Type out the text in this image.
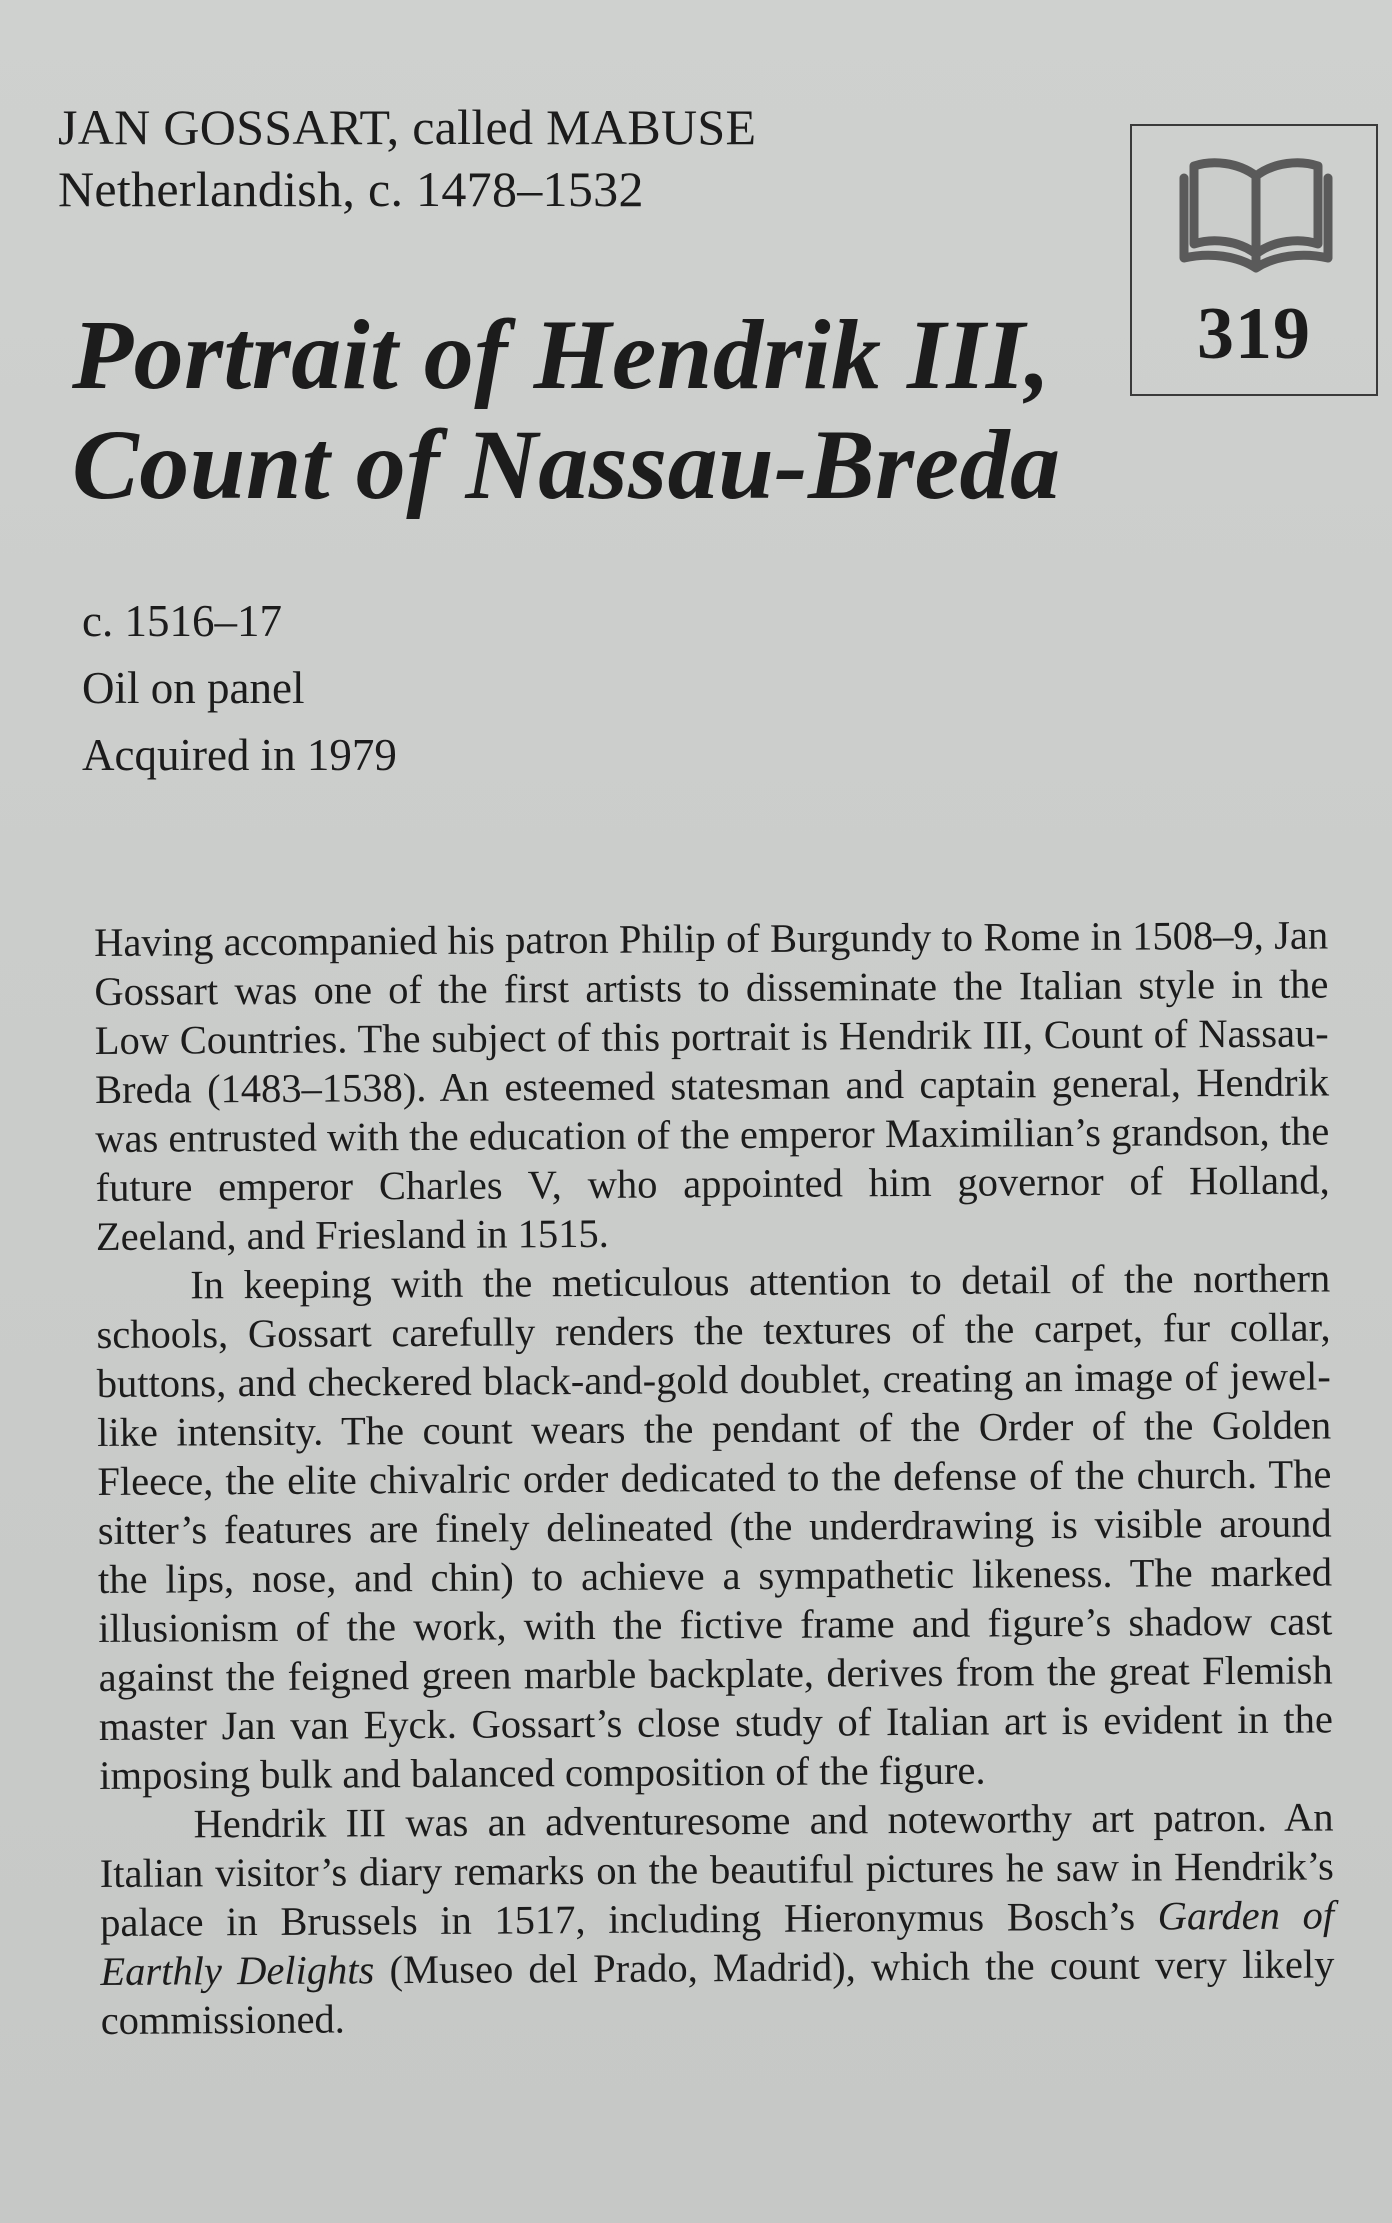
JAN GOSSART, called MABUSE
Netherlandish, c. 1478–1532
319
Portrait of Hendrik III,
Count of Nassau-Breda
c. 1516–17
Oil on panel
Acquired in 1979

Having accompanied his patron Philip of Burgundy to Rome in 1508–9, Jan Gossart was one of the first artists to disseminate the Italian style in the Low Countries. The subject of this portrait is Hendrik III, Count of Nassau-Breda (1483–1538). An esteemed statesman and captain general, Hendrik was entrusted with the education of the emperor Maximilian’s grandson, the future emperor Charles V, who appointed him governor of Holland, Zeeland, and Friesland in 1515.

In keeping with the meticulous attention to detail of the northern schools, Gossart carefully renders the textures of the carpet, fur collar, buttons, and checkered black-and-gold doublet, creating an image of jewel-like intensity. The count wears the pendant of the Order of the Golden Fleece, the elite chivalric order dedicated to the defense of the church. The sitter’s features are finely delineated (the underdrawing is visible around the lips, nose, and chin) to achieve a sympathetic likeness. The marked illusionism of the work, with the fictive frame and figure’s shadow cast against the feigned green marble backplate, derives from the great Flemish master Jan van Eyck. Gossart’s close study of Italian art is evident in the imposing bulk and balanced composition of the figure.

Hendrik III was an adventuresome and noteworthy art patron. An Italian visitor’s diary remarks on the beautiful pictures he saw in Hendrik’s palace in Brussels in 1517, including Hieronymus Bosch’s Garden of Earthly Delights (Museo del Prado, Madrid), which the count very likely commissioned.
